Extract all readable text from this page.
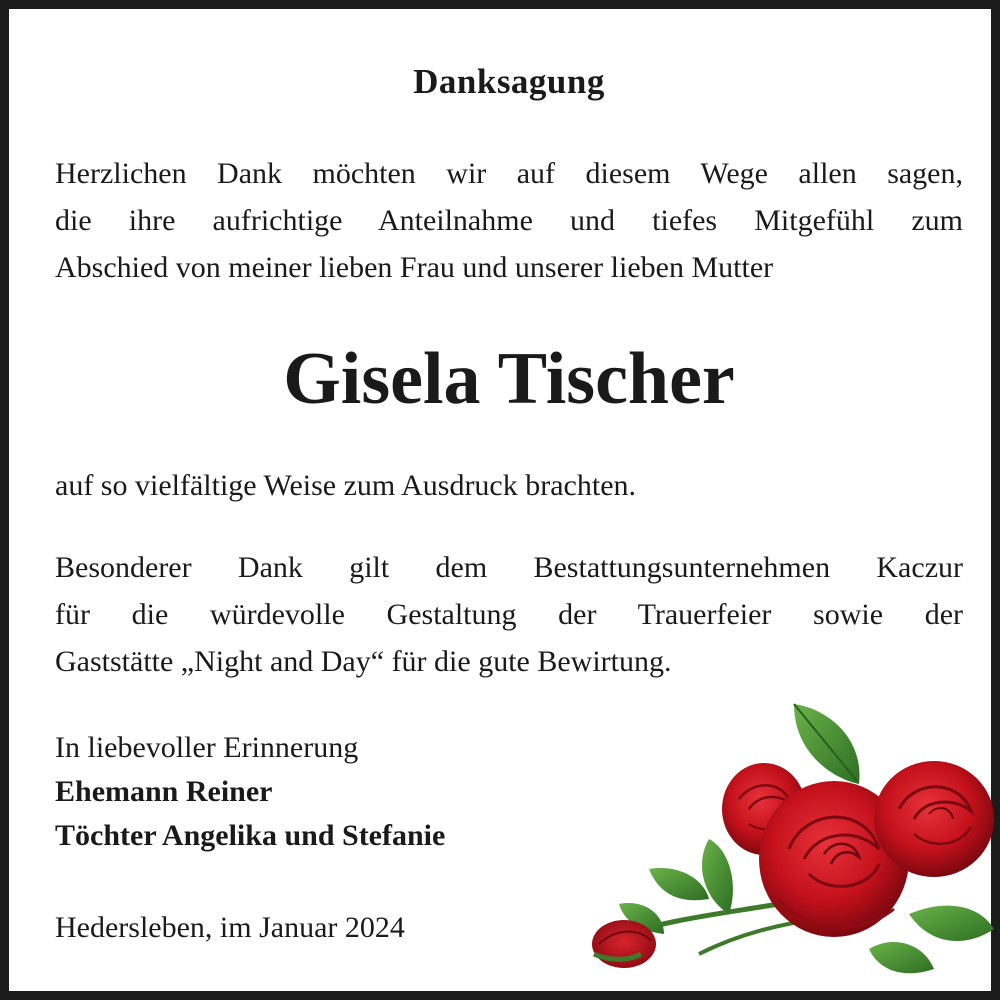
Danksagung
Herzlichen Dank möchten wir auf diesem Wege allen sagen,
die ihre aufrichtige Anteilnahme und tiefes Mitgefühl zum
Abschied von meiner lieben Frau und unserer lieben Mutter
Gisela Tischer
auf so vielfältige Weise zum Ausdruck brachten.
Besonderer Dank gilt dem Bestattungsunternehmen Kaczur
für die würdevolle Gestaltung der Trauerfeier sowie der
Gaststätte „Night and Day“ für die gute Bewirtung.
In liebevoller Erinnerung
Ehemann Reiner
Töchter Angelika und Stefanie
Hedersleben, im Januar 2024
